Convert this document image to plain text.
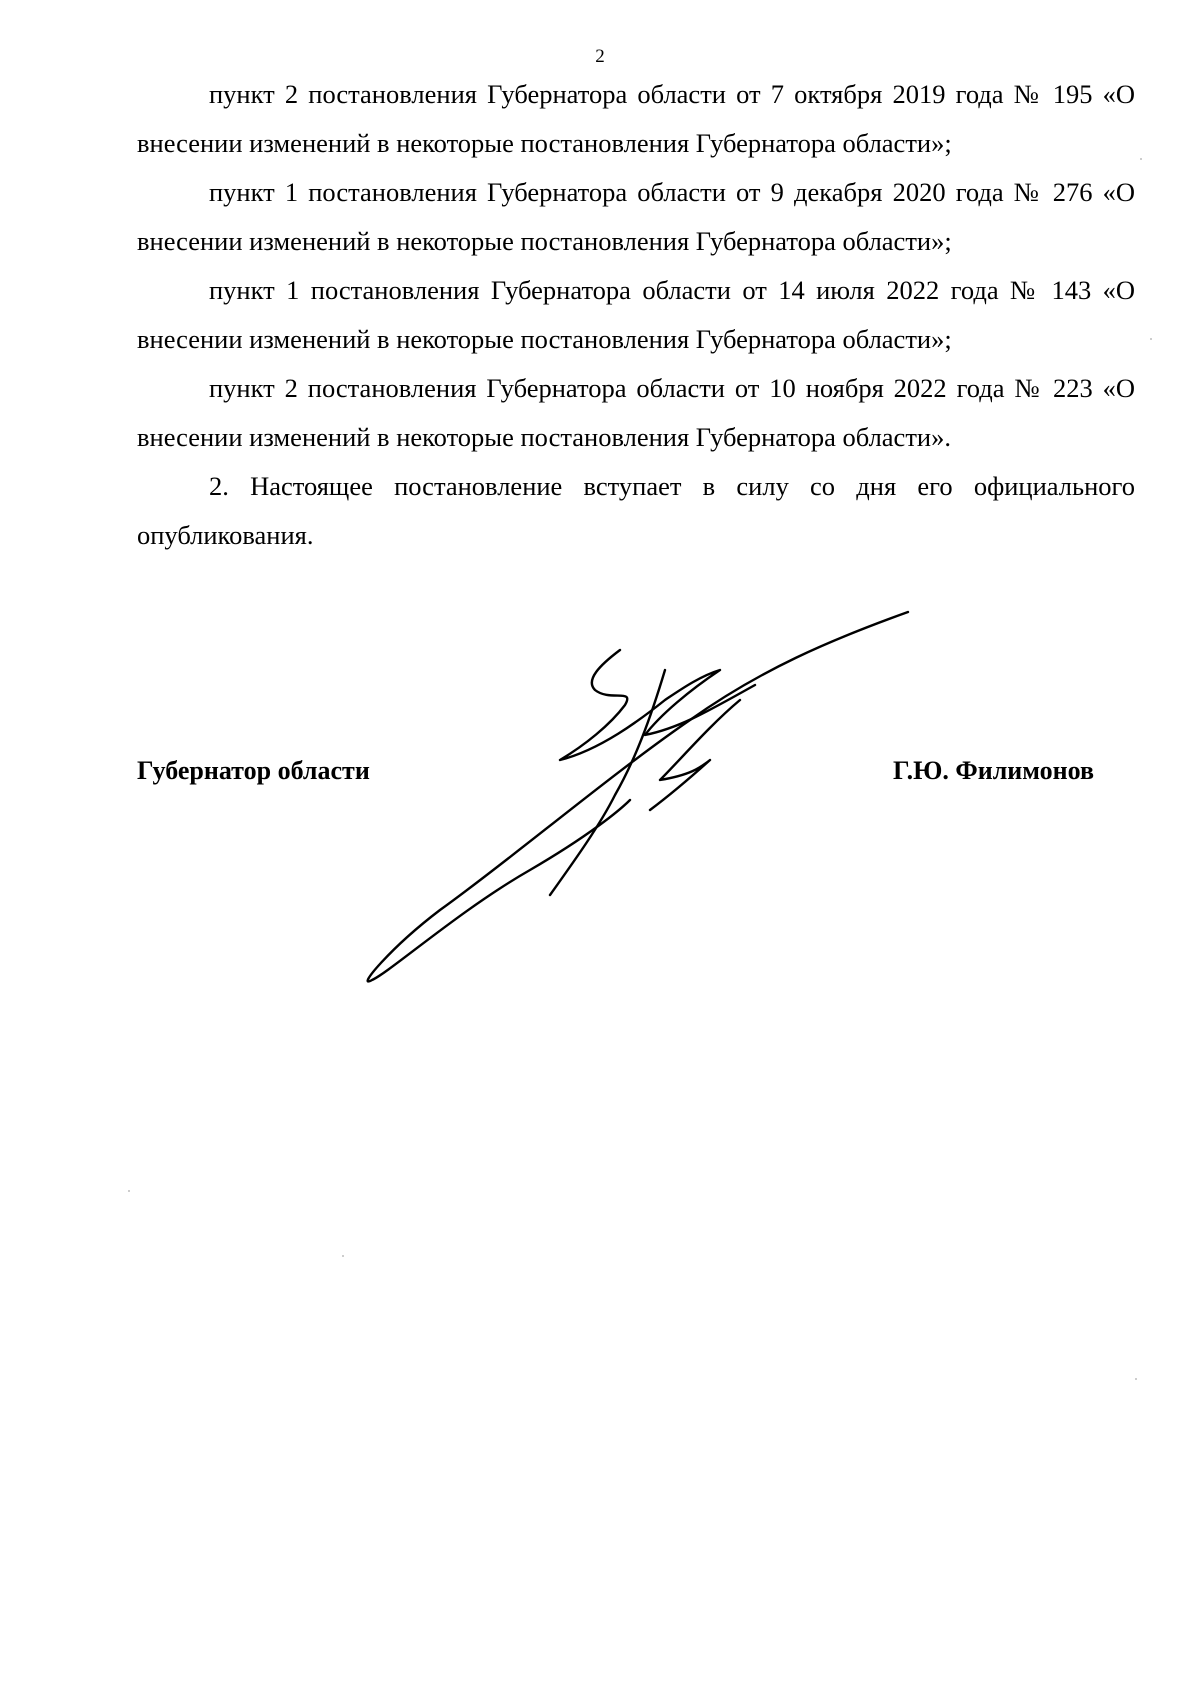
2

пункт 2 постановления Губернатора области от 7 октября 2019 года № 195 «О внесении изменений в некоторые постановления Губернатора области»;

пункт 1 постановления Губернатора области от 9 декабря 2020 года № 276 «О внесении изменений в некоторые постановления Губернатора области»;

пункт 1 постановления Губернатора области от 14 июля 2022 года № 143 «О внесении изменений в некоторые постановления Губернатора области»;

пункт 2 постановления Губернатора области от 10 ноября 2022 года № 223 «О внесении изменений в некоторые постановления Губернатора области».

2. Настоящее постановление вступает в силу со дня его официального опубликования.

Губернатор области	Г.Ю. Филимонов
